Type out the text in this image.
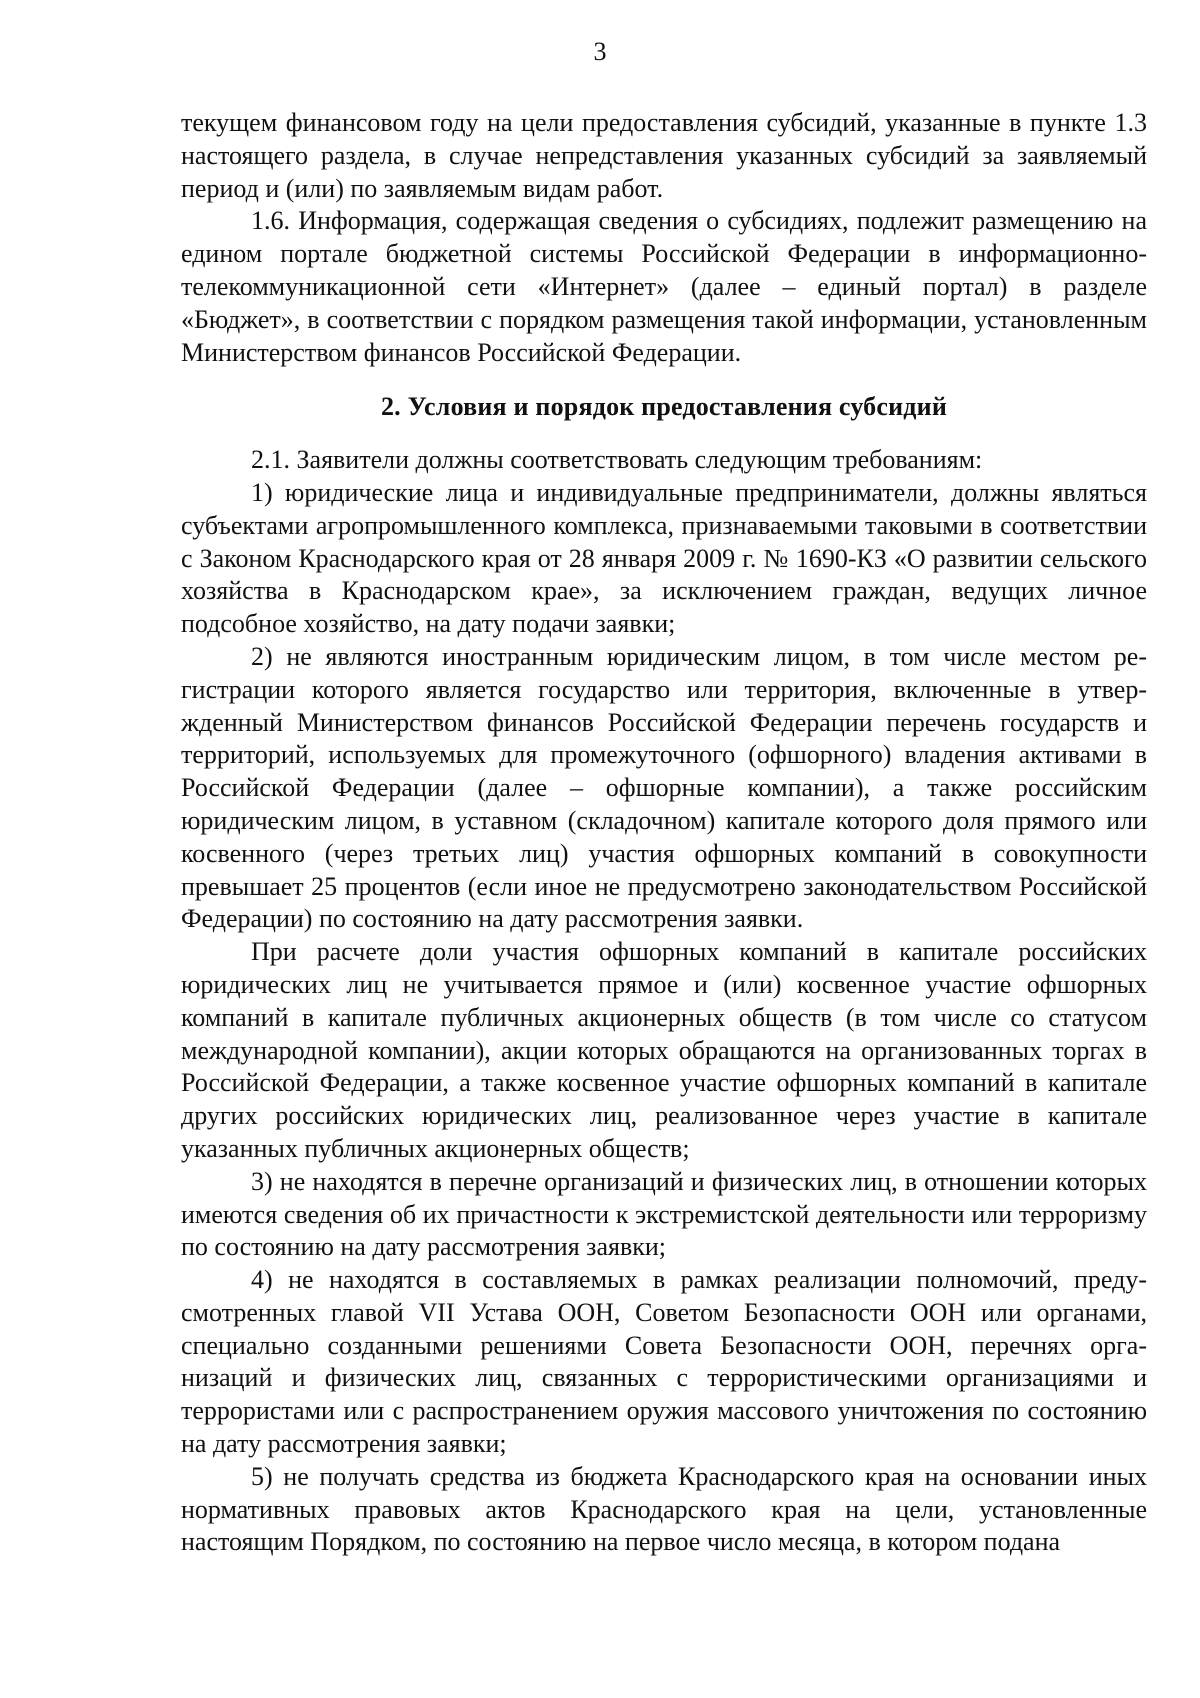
3

текущем финансовом году на цели предоставления субсидий, указанные в пункте 1.3 настоящего раздела, в случае непредставления указанных субсидий за заявляемый период и (или) по заявляемым видам работ.

1.6. Информация, содержащая сведения о субсидиях, подлежит размещению на едином портале бюджетной системы Российской Федерации в информационно-телекоммуникационной сети «Интернет» (далее – единый портал) в разделе «Бюджет», в соответствии с порядком размещения такой информации, установленным Министерством финансов Российской Федерации.

2. Условия и порядок предоставления субсидий

2.1. Заявители должны соответствовать следующим требованиям:

1) юридические лица и индивидуальные предприниматели, должны являться субъектами агропромышленного комплекса, признаваемыми таковыми в соответствии с Законом Краснодарского края от 28 января 2009 г. № 1690-КЗ «О развитии сельского хозяйства в Краснодарском крае», за исключением граждан, ведущих личное подсобное хозяйство, на дату подачи заявки;

2) не являются иностранным юридическим лицом, в том числе местом регистрации которого является государство или территория, включенные в утвержденный Министерством финансов Российской Федерации перечень государств и территорий, используемых для промежуточного (офшорного) владения активами в Российской Федерации (далее – офшорные компании), а также российским юридическим лицом, в уставном (складочном) капитале которого доля прямого или косвенного (через третьих лиц) участия офшорных компаний в совокупности превышает 25 процентов (если иное не предусмотрено законодательством Российской Федерации) по состоянию на дату рассмотрения заявки.

При расчете доли участия офшорных компаний в капитале российских юридических лиц не учитывается прямое и (или) косвенное участие офшорных компаний в капитале публичных акционерных обществ (в том числе со статусом международной компании), акции которых обращаются на организованных торгах в Российской Федерации, а также косвенное участие офшорных компаний в капитале других российских юридических лиц, реализованное через участие в капитале указанных публичных акционерных обществ;

3) не находятся в перечне организаций и физических лиц, в отношении которых имеются сведения об их причастности к экстремистской деятельности или терроризму по состоянию на дату рассмотрения заявки;

4) не находятся в составляемых в рамках реализации полномочий, предусмотренных главой VII Устава ООН, Советом Безопасности ООН или органами, специально созданными решениями Совета Безопасности ООН, перечнях организаций и физических лиц, связанных с террористическими организациями и террористами или с распространением оружия массового уничтожения по состоянию на дату рассмотрения заявки;

5) не получать средства из бюджета Краснодарского края на основании иных нормативных правовых актов Краснодарского края на цели, установленные настоящим Порядком, по состоянию на первое число месяца, в котором подана
